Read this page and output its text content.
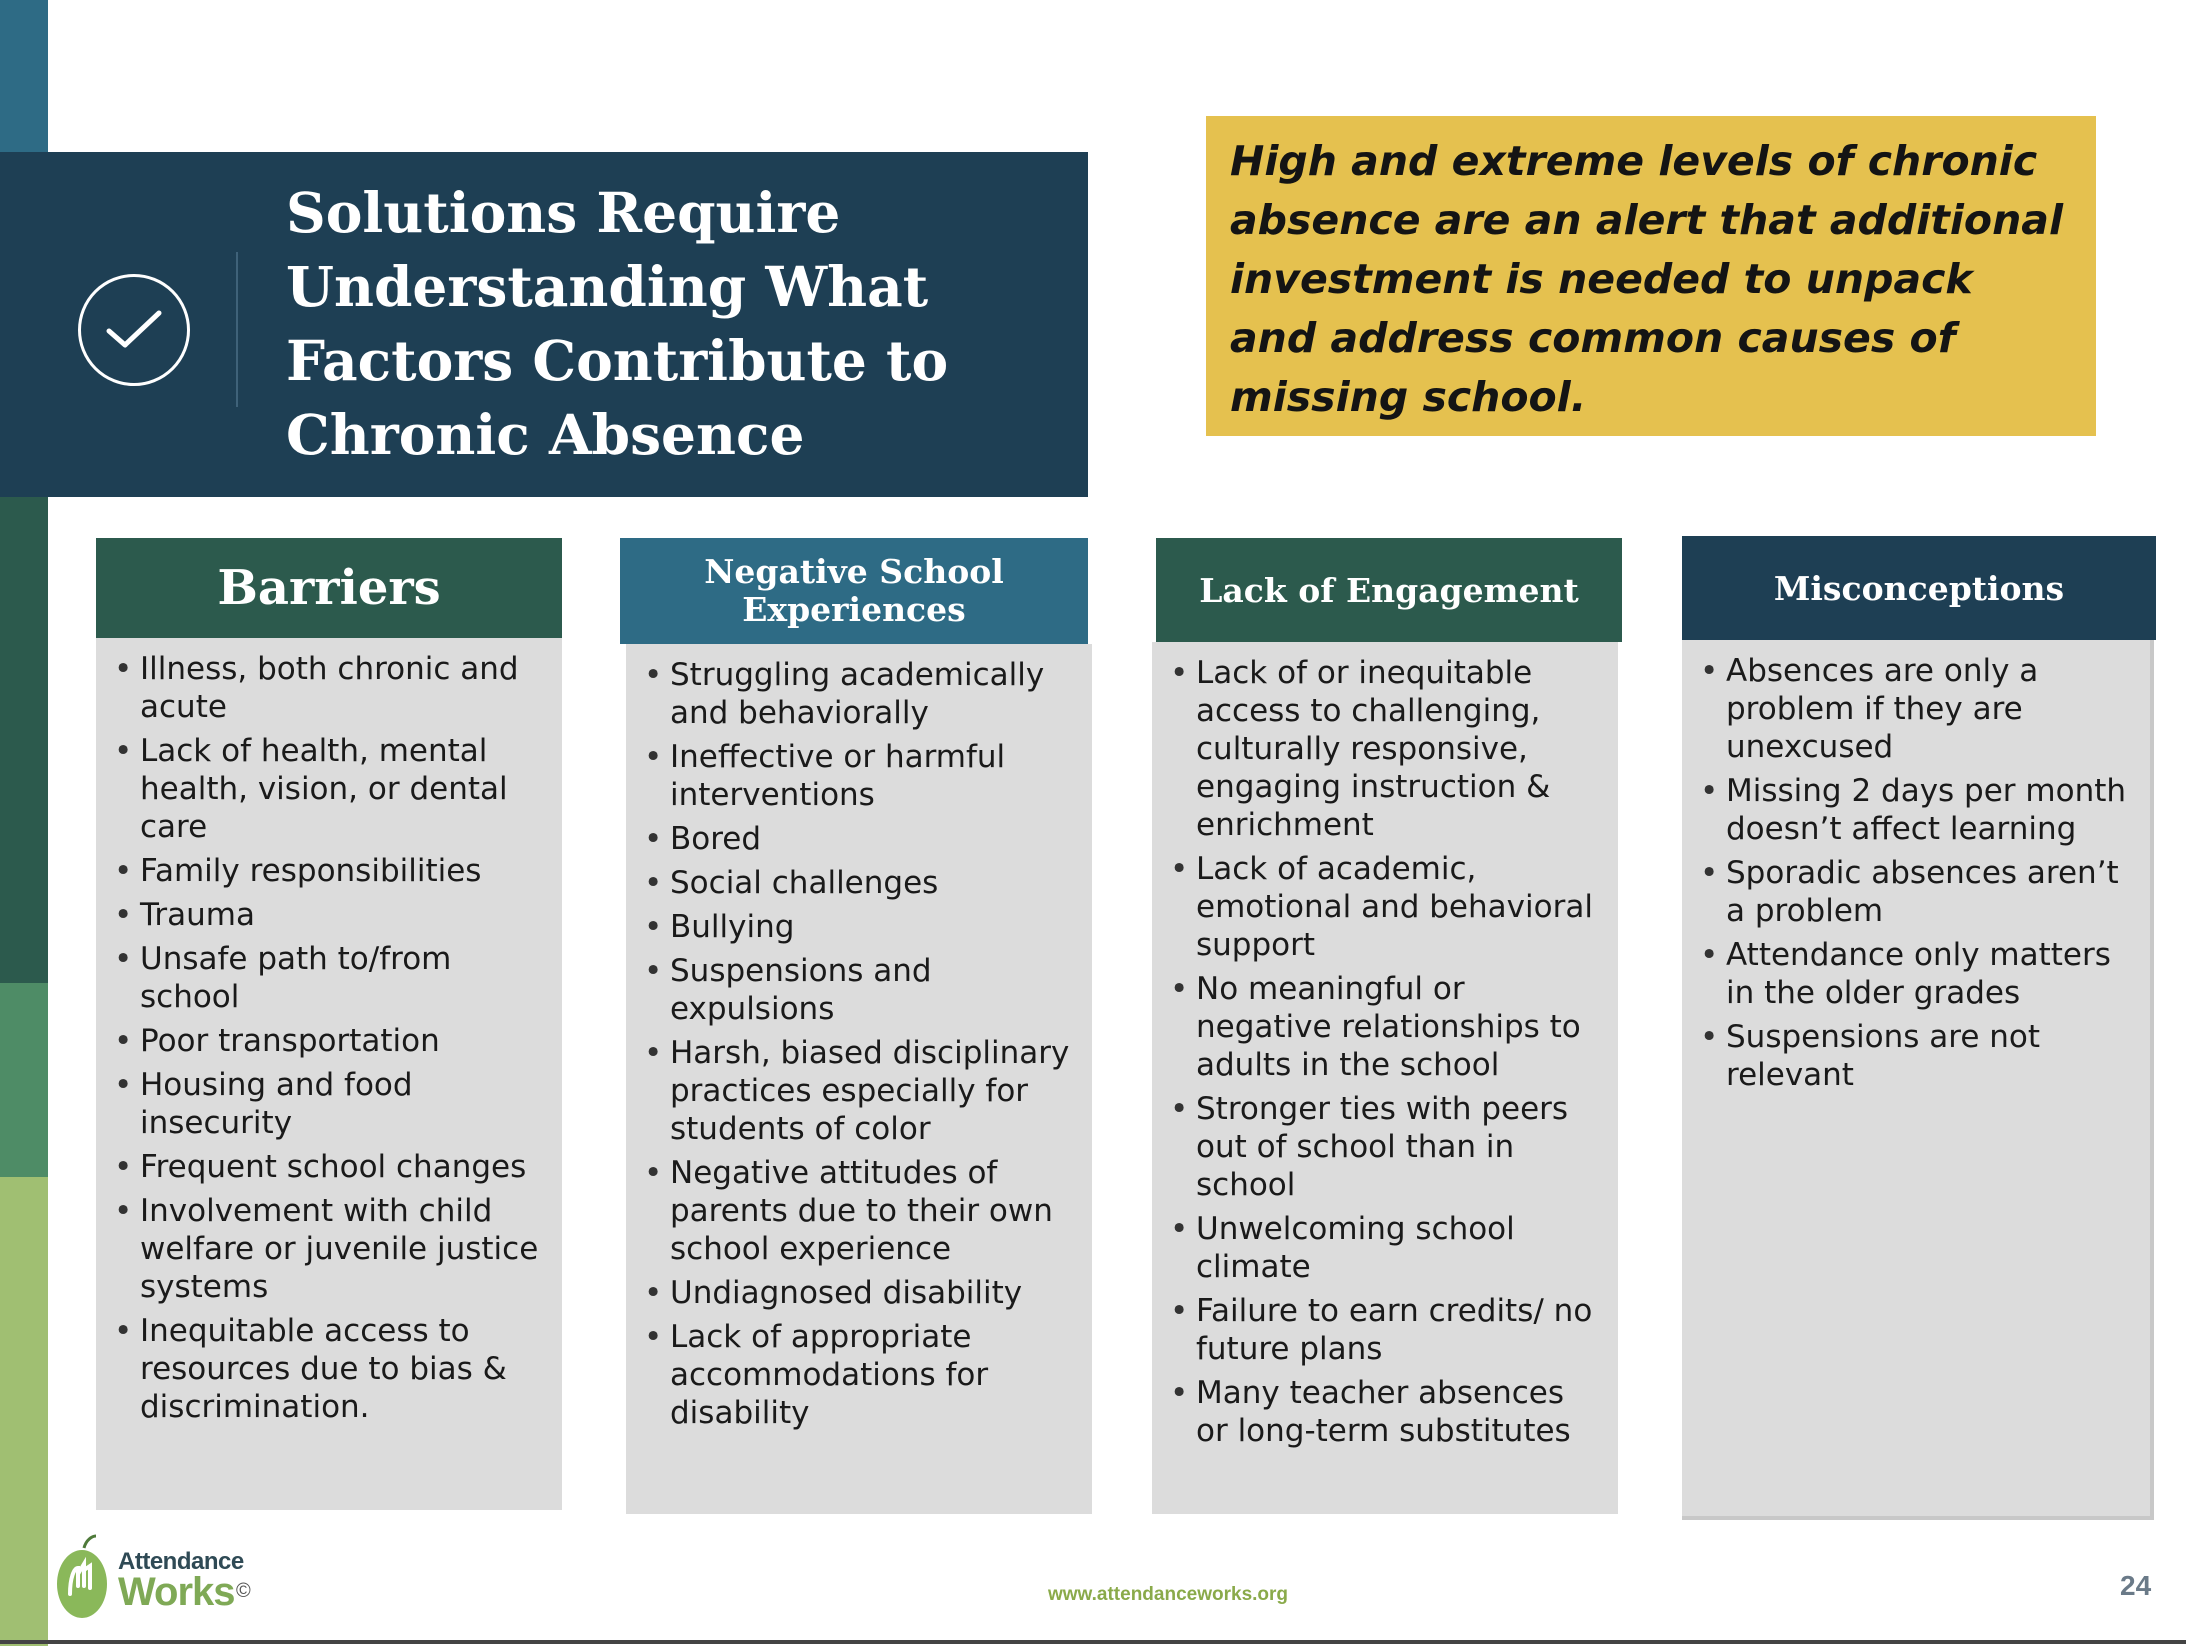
Solutions Require Understanding What Factors Contribute to Chronic Absence
High and extreme levels of chronic absence are an alert that additional investment is needed to unpack and address common causes of missing school.
Barriers
• Illness, both chronic and acute
• Lack of health, mental health, vision, or dental care
• Family responsibilities
• Trauma
• Unsafe path to/from school
• Poor transportation
• Housing and food insecurity
• Frequent school changes
• Involvement with child welfare or juvenile justice systems
• Inequitable access to resources due to bias & discrimination.
Negative School Experiences
• Struggling academically and behaviorally
• Ineffective or harmful interventions
• Bored
• Social challenges
• Bullying
• Suspensions and expulsions
• Harsh, biased disciplinary practices especially for students of color
• Negative attitudes of parents due to their own school experience
• Undiagnosed disability
• Lack of appropriate accommodations for disability
Lack of Engagement
• Lack of or inequitable access to challenging, culturally responsive, engaging instruction & enrichment
• Lack of academic, emotional and behavioral support
• No meaningful or negative relationships to adults in the school
• Stronger ties with peers out of school than in school
• Unwelcoming school climate
• Failure to earn credits/ no future plans
• Many teacher absences or long-term substitutes
Misconceptions
• Absences are only a problem if they are unexcused
• Missing 2 days per month doesn’t affect learning
• Sporadic absences aren’t a problem
• Attendance only matters in the older grades
• Suspensions are not relevant
Attendance
Works ©	www.attendanceworks.org	24
